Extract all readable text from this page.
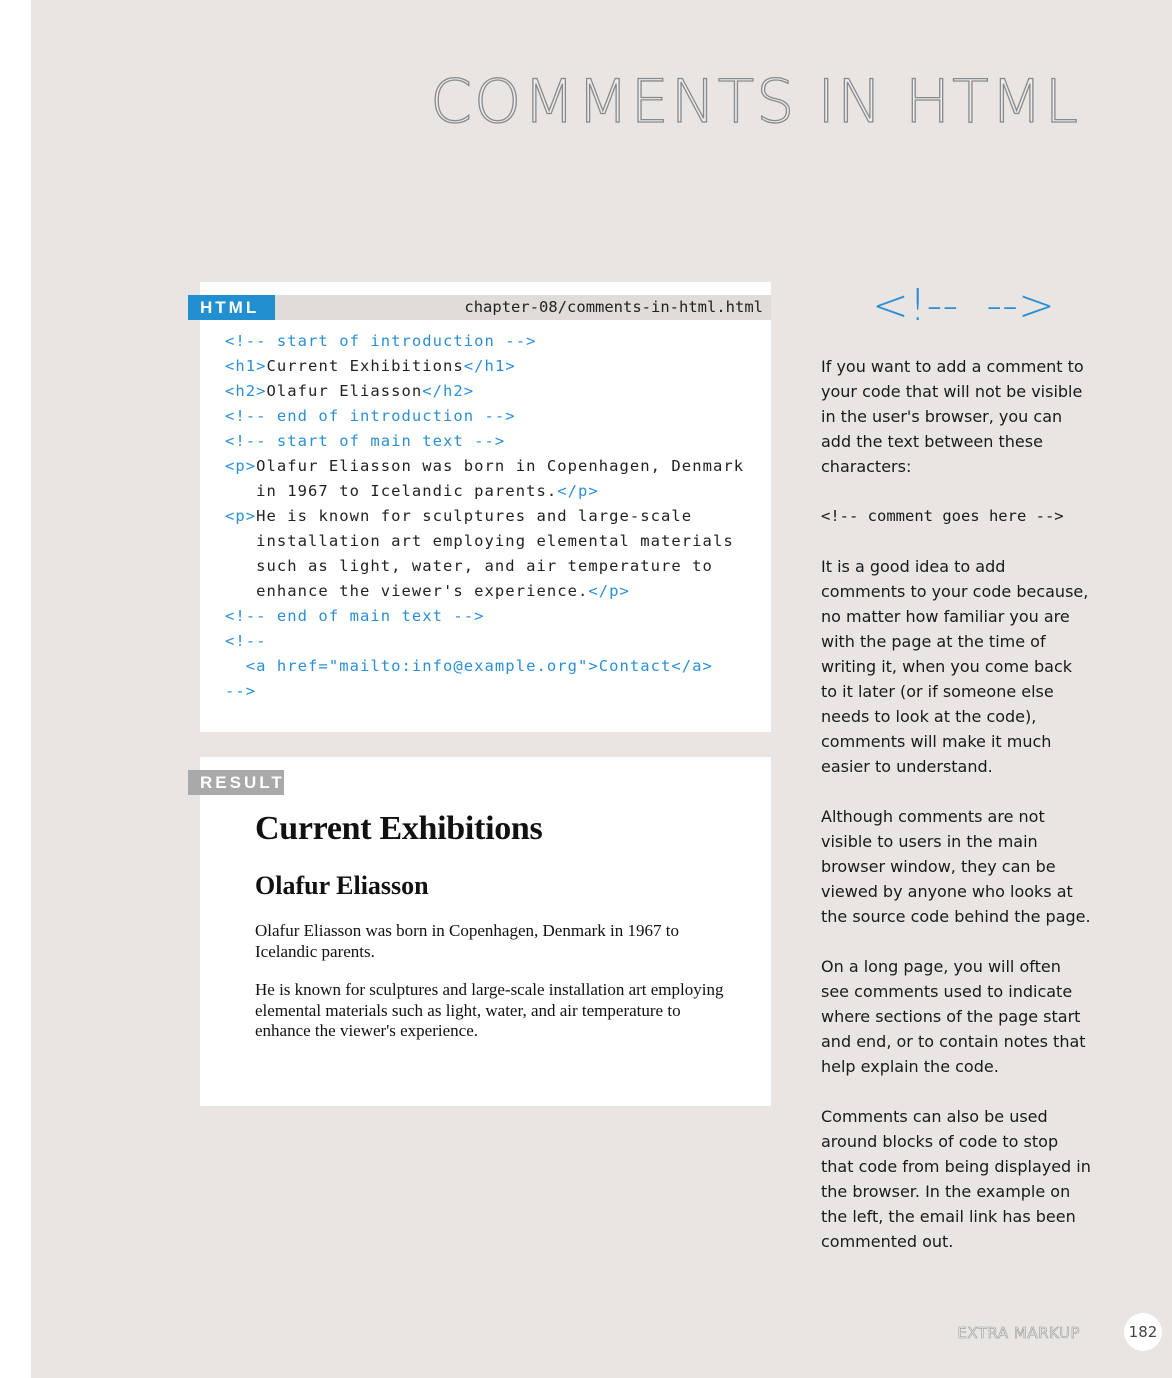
COMMENTS IN HTML
EXTRA MARKUP	182
chapter-08/comments-in-html.html
<!-- start of introduction -->
<h1>Current Exhibitions</h1>
<h2>Olafur Eliasson</h2>
<!-- end of introduction -->
<!-- start of main text -->
<p>Olafur Eliasson was born in Copenhagen, Denmark
in 1967 to Icelandic parents.</p>
<p>He is known for sculptures and large-scale
installation art employing elemental materials
such as light, water, and air temperature to
enhance the viewer's experience.</p>
<!-- end of main text -->
<!--
<a href="mailto:info@example.org">Contact</a>
-->
HTML
Current Exhibitions
Olafur Eliasson

Olafur Eliasson was born in Copenhagen, Denmark in 1967 to Icelandic parents.

He is known for sculptures and large-scale installation art employing elemental materials such as light, water, and air temperature to enhance the viewer's experience.

RESULT
<!--  -->

If you want to add a comment to your code that will not be visible in the user's browser, you can add the text between these characters:

<!-- comment goes here -->

It is a good idea to add comments to your code because, no matter how familiar you are with the page at the time of writing it, when you come back to it later (or if someone else needs to look at the code), comments will make it much easier to understand.

Although comments are not visible to users in the main browser window, they can be viewed by anyone who looks at the source code behind the page.

On a long page, you will often see comments used to indicate where sections of the page start and end, or to contain notes that help explain the code.

Comments can also be used around blocks of code to stop that code from being displayed in the browser. In the example on the left, the email link has been commented out.
